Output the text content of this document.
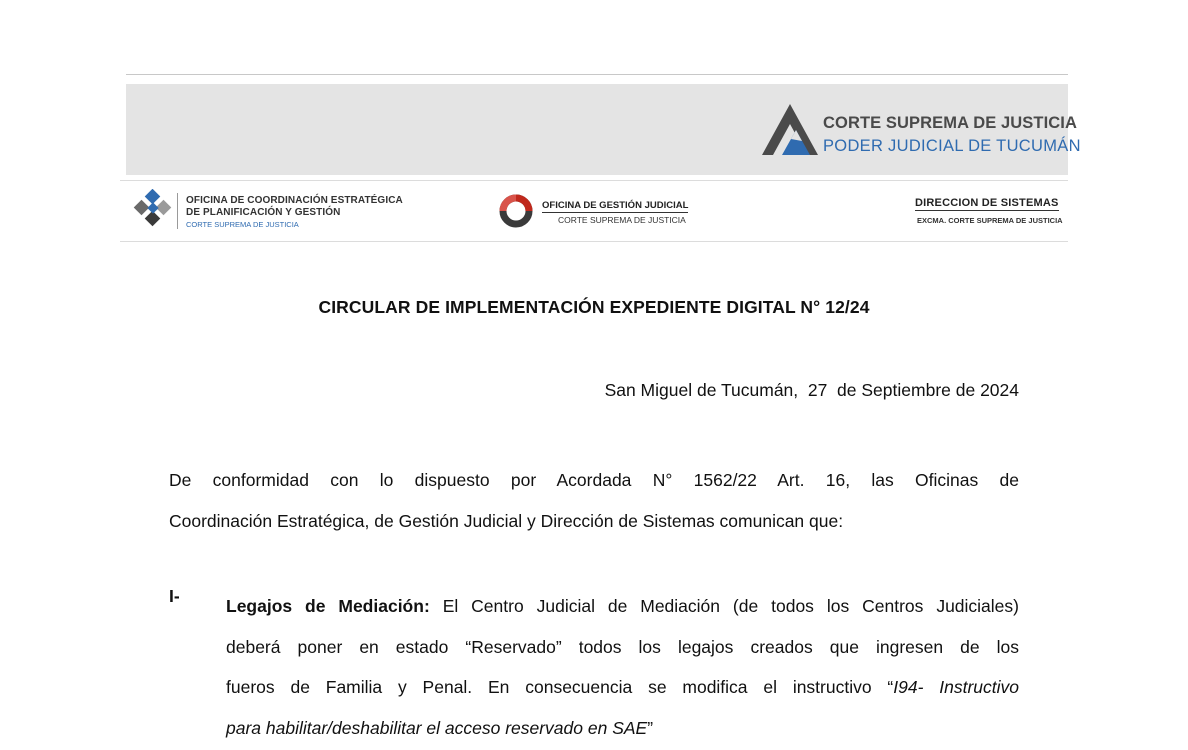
CORTE SUPREMA DE JUSTICIA
PODER JUDICIAL DE TUCUMÁN
OFICINA DE COORDINACIÓN ESTRATÉGICA
DE PLANIFICACIÓN Y GESTIÓN
CORTE SUPREMA DE JUSTICIA
OFICINA DE GESTIÓN JUDICIAL
CORTE SUPREMA DE JUSTICIA
DIRECCION DE SISTEMAS
EXCMA. CORTE SUPREMA DE JUSTICIA
CIRCULAR DE IMPLEMENTACIÓN EXPEDIENTE DIGITAL N° 12/24
San Miguel de Tucumán,  27  de Septiembre de 2024
De conformidad con lo dispuesto por Acordada N° 1562/22 Art. 16, las Oficinas de
Coordinación Estratégica, de Gestión Judicial y Dirección de Sistemas comunican que:
I-	Legajos de Mediación: El Centro Judicial de Mediación (de todos los Centros Judiciales)
deberá poner en estado “Reservado” todos los legajos creados que ingresen de los
fueros de Familia y Penal. En consecuencia se modifica el instructivo “I94- Instructivo
para habilitar/deshabilitar el acceso reservado en SAE”
